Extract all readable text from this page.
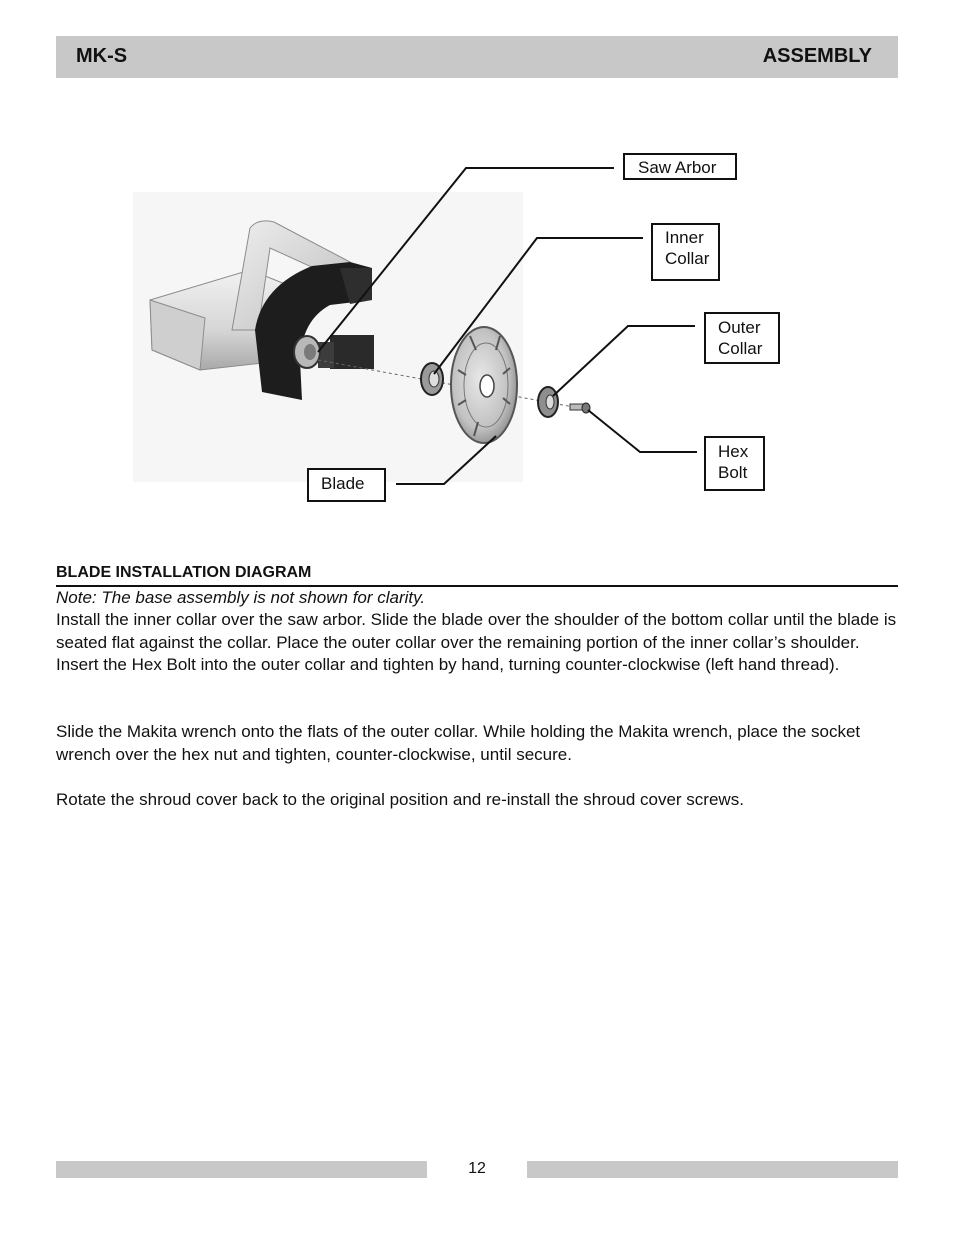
MK-S	ASSEMBLY
Saw Arbor
Inner
Collar
Outer
Collar
Hex
Bolt
Blade
BLADE INSTALLATION DIAGRAM
Note: The base assembly is not shown for clarity.

Install the inner collar over the saw arbor. Slide the blade over the shoulder of the bottom collar until the blade is seated flat against the collar. Place the outer collar over the remaining portion of the inner collar’s shoulder. Insert the Hex Bolt into the outer collar and tighten by hand, turning counter-clockwise (left hand thread).

Slide the Makita wrench onto the flats of the outer collar. While holding the Makita wrench, place the socket wrench over the hex nut and tighten, counter-clockwise, until secure.

Rotate the shroud cover back to the original position and re-install the shroud cover screws.

12
